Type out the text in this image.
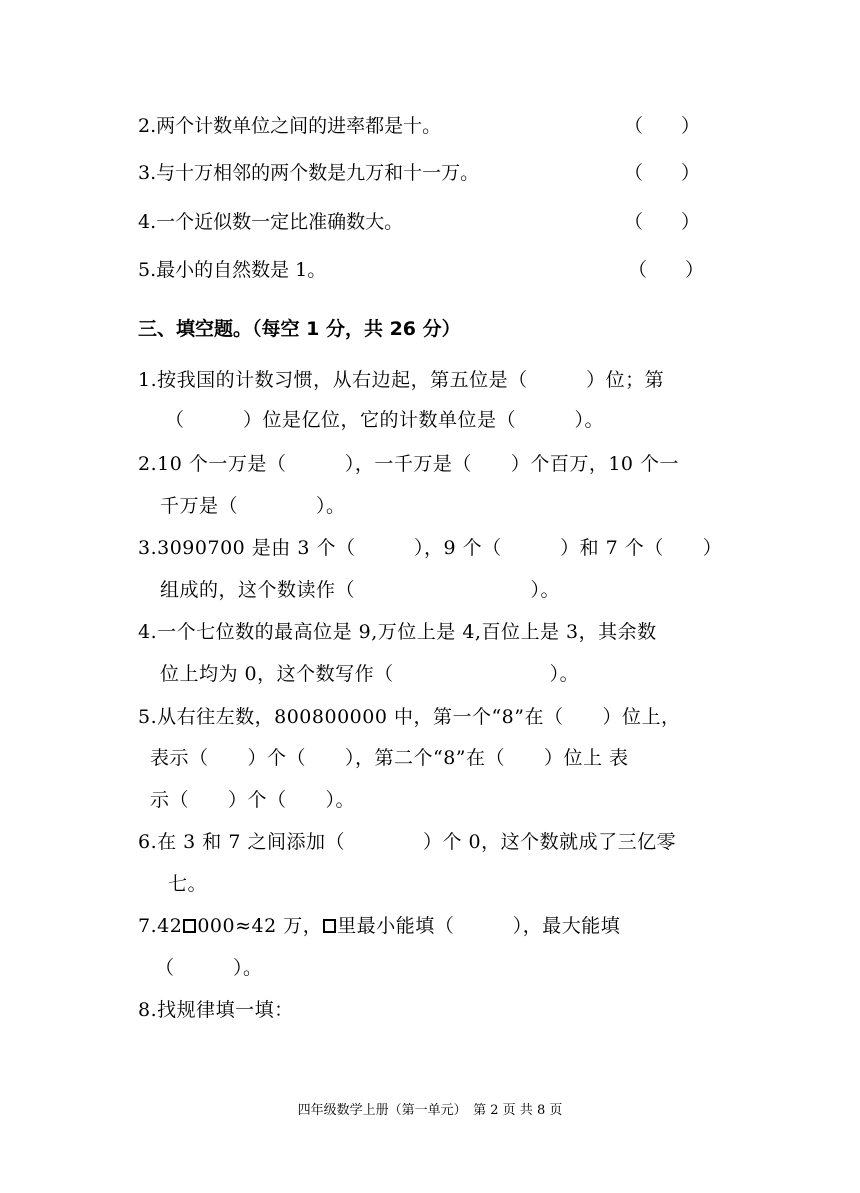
2.两个计数单位之间的进率都是十。	（　　）
3.与十万相邻的两个数是九万和十一万。	（　　）
4.一个近似数一定比准确数大。	（　　）
5.最小的自然数是 1。	（　　）
三、填空题。（每空 1 分，共 26 分）
1.按我国的计数习惯，从右边起，第五位是（　　　）位；第
（　　　）位是亿位，它的计数单位是（　　　）。
2.10 个一万是（　　　），一千万是（　　）个百万，10 个一
千万是（　　　　）。
3.3090700 是由 3 个（　　　），9 个（　　　）和 7 个（　　）
组成的，这个数读作（　　　　　　　　　）。
4.一个七位数的最高位是 9,万位上是 4,百位上是 3，其余数
位上均为 0，这个数写作（　　　　　　　　）。
5.从右往左数，800800000 中，第一个“8”在（　　）位上，
表示（　　）个（　　），第二个“8”在（　　）位上 表
示（　　）个（　　）。
6.在 3 和 7 之间添加（　　　　）个 0，这个数就成了三亿零
七。
7.42 000≈42 万， 里最小能填（　　　），最大能填
（　　　）。
8.找规律填一填：
四年级数学上册（第一单元）　第 2 页 共 8 页
